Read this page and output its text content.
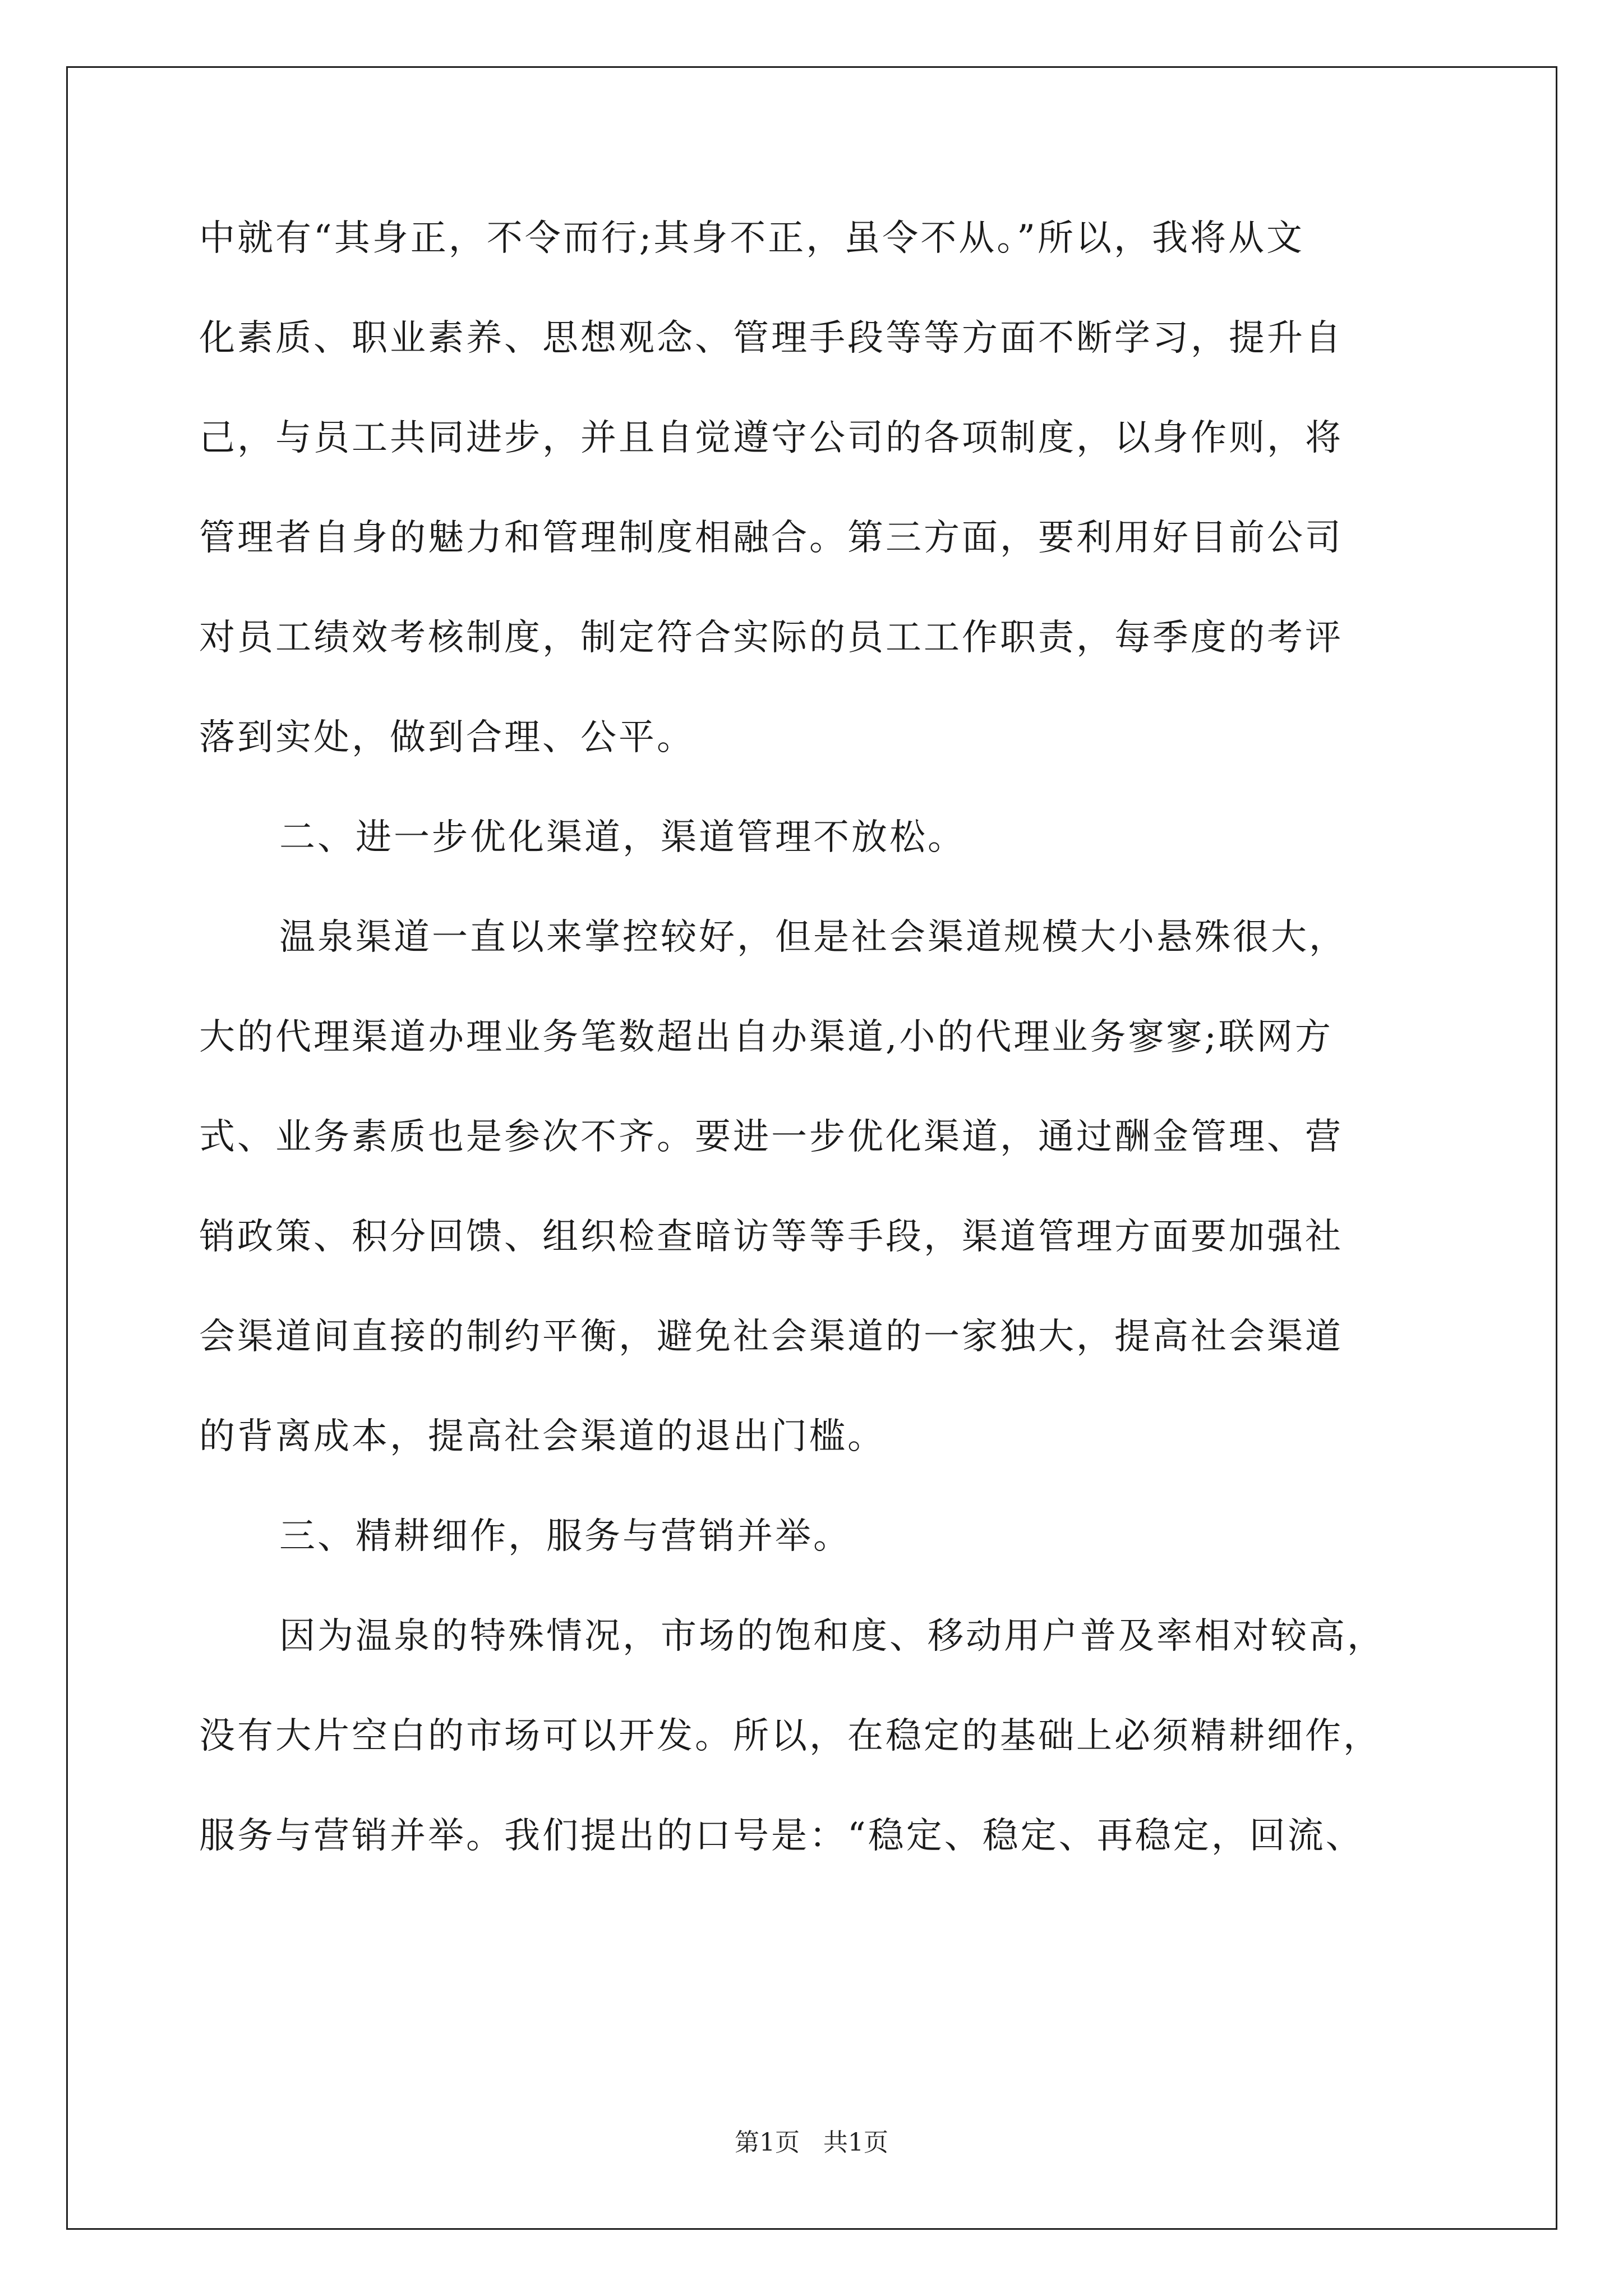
中就有“其身正，不令而行;其身不正，虽令不从。”所以，我将从文
化素质、职业素养、思想观念、管理手段等等方面不断学习，提升自
己，与员工共同进步，并且自觉遵守公司的各项制度，以身作则，将
管理者自身的魅力和管理制度相融合。第三方面，要利用好目前公司
对员工绩效考核制度，制定符合实际的员工工作职责，每季度的考评
落到实处，做到合理、公平。
二、进一步优化渠道，渠道管理不放松。
温泉渠道一直以来掌控较好，但是社会渠道规模大小悬殊很大，
大的代理渠道办理业务笔数超出自办渠道,小的代理业务寥寥;联网方
式、业务素质也是参次不齐。要进一步优化渠道，通过酬金管理、营
销政策、积分回馈、组织检查暗访等等手段，渠道管理方面要加强社
会渠道间直接的制约平衡，避免社会渠道的一家独大，提高社会渠道
的背离成本，提高社会渠道的退出门槛。
三、精耕细作，服务与营销并举。
因为温泉的特殊情况，市场的饱和度、移动用户普及率相对较高，
没有大片空白的市场可以开发。所以，在稳定的基础上必须精耕细作，
服务与营销并举。我们提出的口号是：“稳定、稳定、再稳定，回流、
第1页   共1页
